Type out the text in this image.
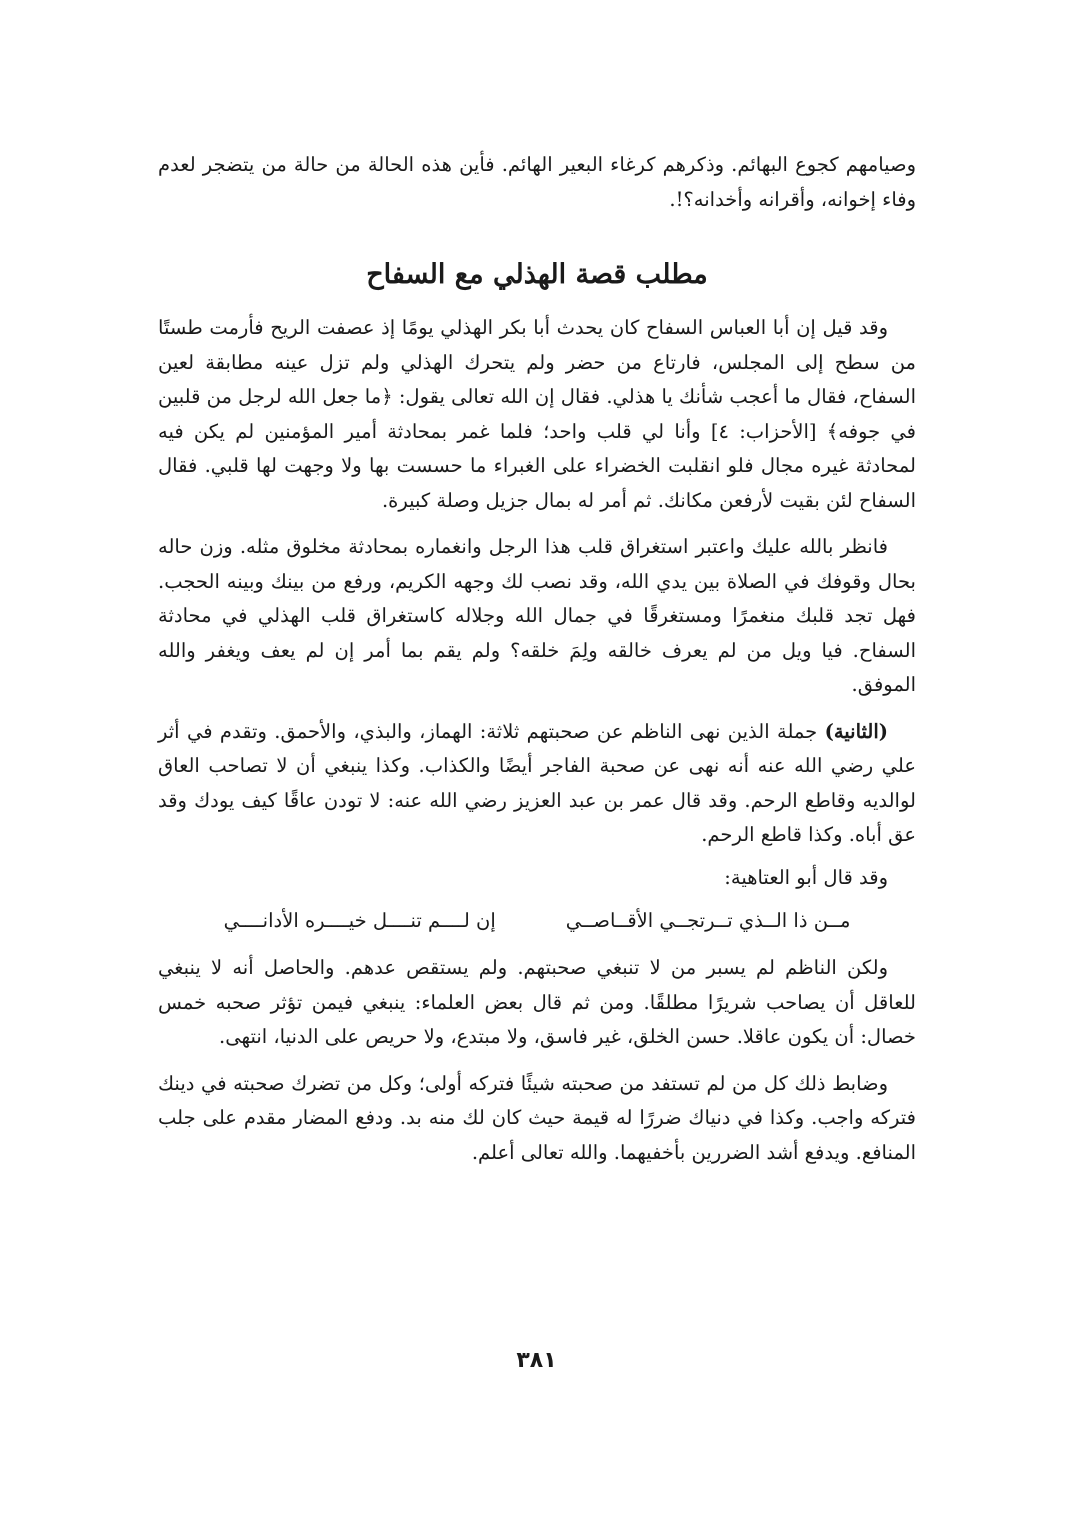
وصيامهم كجوع البهائم. وذكرهم كرغاء البعير الهائم. فأين هذه الحالة من حالة من يتضجر لعدم وفاء إخوانه، وأقرانه وأخدانه؟!.

مطلب قصة الهذلي مع السفاح

وقد قيل إن أبا العباس السفاح كان يحدث أبا بكر الهذلي يومًا إذ عصفت الريح فأرمت طستًا من سطح إلى المجلس، فارتاع من حضر ولم يتحرك الهذلي ولم تزل عينه مطابقة لعين السفاح، فقال ما أعجب شأنك يا هذلي. فقال إن الله تعالى يقول: ﴿ما جعل الله لرجل من قلبين في جوفه﴾ [الأحزاب: ٤] وأنا لي قلب واحد؛ فلما غمر بمحادثة أمير المؤمنين لم يكن فيه لمحادثة غيره مجال فلو انقلبت الخضراء على الغبراء ما حسست بها ولا وجهت لها قلبي. فقال السفاح لئن بقيت لأرفعن مكانك. ثم أمر له بمال جزيل وصلة كبيرة.

فانظر بالله عليك واعتبر استغراق قلب هذا الرجل وانغماره بمحادثة مخلوق مثله. وزن حاله بحال وقوفك في الصلاة بين يدي الله، وقد نصب لك وجهه الكريم، ورفع من بينك وبينه الحجب. فهل تجد قلبك منغمرًا ومستغرقًا في جمال الله وجلاله كاستغراق قلب الهذلي في محادثة السفاح. فيا ويل من لم يعرف خالقه ولِمَ خلقه؟ ولم يقم بما أمر إن لم يعف ويغفر والله الموفق.

(الثانية) جملة الذين نهى الناظم عن صحبتهم ثلاثة: الهماز، والبذي، والأحمق. وتقدم في أثر علي رضي الله عنه أنه نهى عن صحبة الفاجر أيضًا والكذاب. وكذا ينبغي أن لا تصاحب العاق لوالديه وقاطع الرحم. وقد قال عمر بن عبد العزيز رضي الله عنه: لا تودن عاقًا كيف يودك وقد عق أباه. وكذا قاطع الرحم.

وقد قال أبو العتاهية:

مــن ذا الــذي تــرتجــي الأقــاصــي
إن لــــم تنــــل خيــــره الأدانــــي

ولكن الناظم لم يسبر من لا تنبغي صحبتهم. ولم يستقص عدهم. والحاصل أنه لا ينبغي للعاقل أن يصاحب شريرًا مطلقًا. ومن ثم قال بعض العلماء: ينبغي فيمن تؤثر صحبه خمس خصال: أن يكون عاقلا. حسن الخلق، غير فاسق، ولا مبتدع، ولا حريص على الدنيا، انتهى.

وضابط ذلك كل من لم تستفد من صحبته شيئًا فتركه أولى؛ وكل من تضرك صحبته في دينك فتركه واجب. وكذا في دنياك ضررًا له قيمة حيث كان لك منه بد. ودفع المضار مقدم على جلب المنافع. ويدفع أشد الضررين بأخفيهما. والله تعالى أعلم.

٣٨١
